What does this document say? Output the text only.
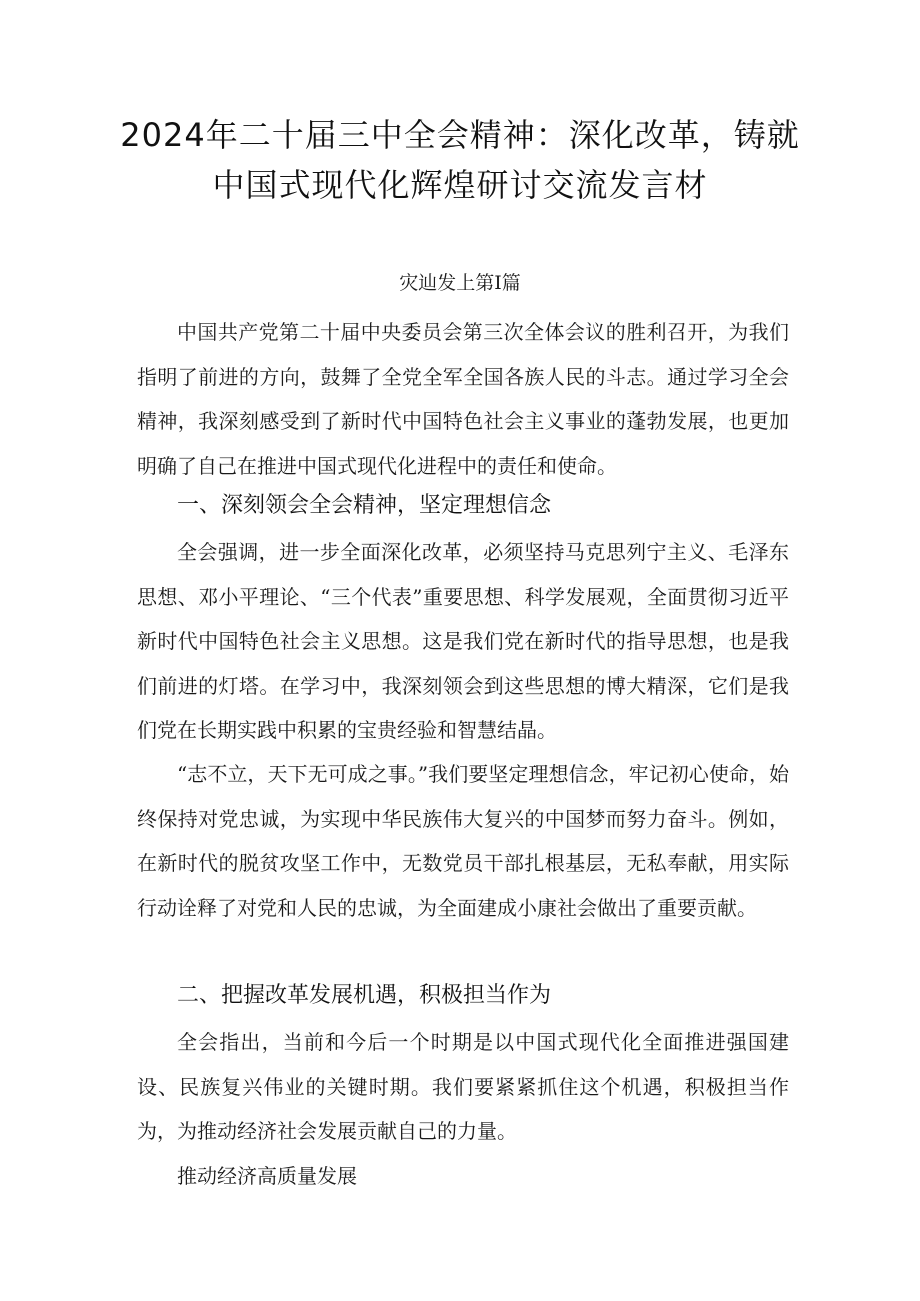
2024年二十届三中全会精神：深化改革，铸就中国式现代化辉煌研讨交流发言材
灾辿发上第Ⅰ篇

中国共产党第二十届中央委员会第三次全体会议的胜利召开，为我们指明了前进的方向，鼓舞了全党全军全国各族人民的斗志。通过学习全会精神，我深刻感受到了新时代中国特色社会主义事业的蓬勃发展，也更加明确了自己在推进中国式现代化进程中的责任和使命。

一、深刻领会全会精神，坚定理想信念

全会强调，进一步全面深化改革，必须坚持马克思列宁主义、毛泽东思想、邓小平理论、“三个代表”重要思想、科学发展观，全面贯彻习近平新时代中国特色社会主义思想。这是我们党在新时代的指导思想，也是我们前进的灯塔。在学习中，我深刻领会到这些思想的博大精深，它们是我们党在长期实践中积累的宝贵经验和智慧结晶。

“志不立，天下无可成之事。”我们要坚定理想信念，牢记初心使命，始终保持对党忠诚，为实现中华民族伟大复兴的中国梦而努力奋斗。例如，在新时代的脱贫攻坚工作中，无数党员干部扎根基层，无私奉献，用实际行动诠释了对党和人民的忠诚，为全面建成小康社会做出了重要贡献。

二、把握改革发展机遇，积极担当作为

全会指出，当前和今后一个时期是以中国式现代化全面推进强国建设、民族复兴伟业的关键时期。我们要紧紧抓住这个机遇，积极担当作为，为推动经济社会发展贡献自己的力量。

推动经济高质量发展
